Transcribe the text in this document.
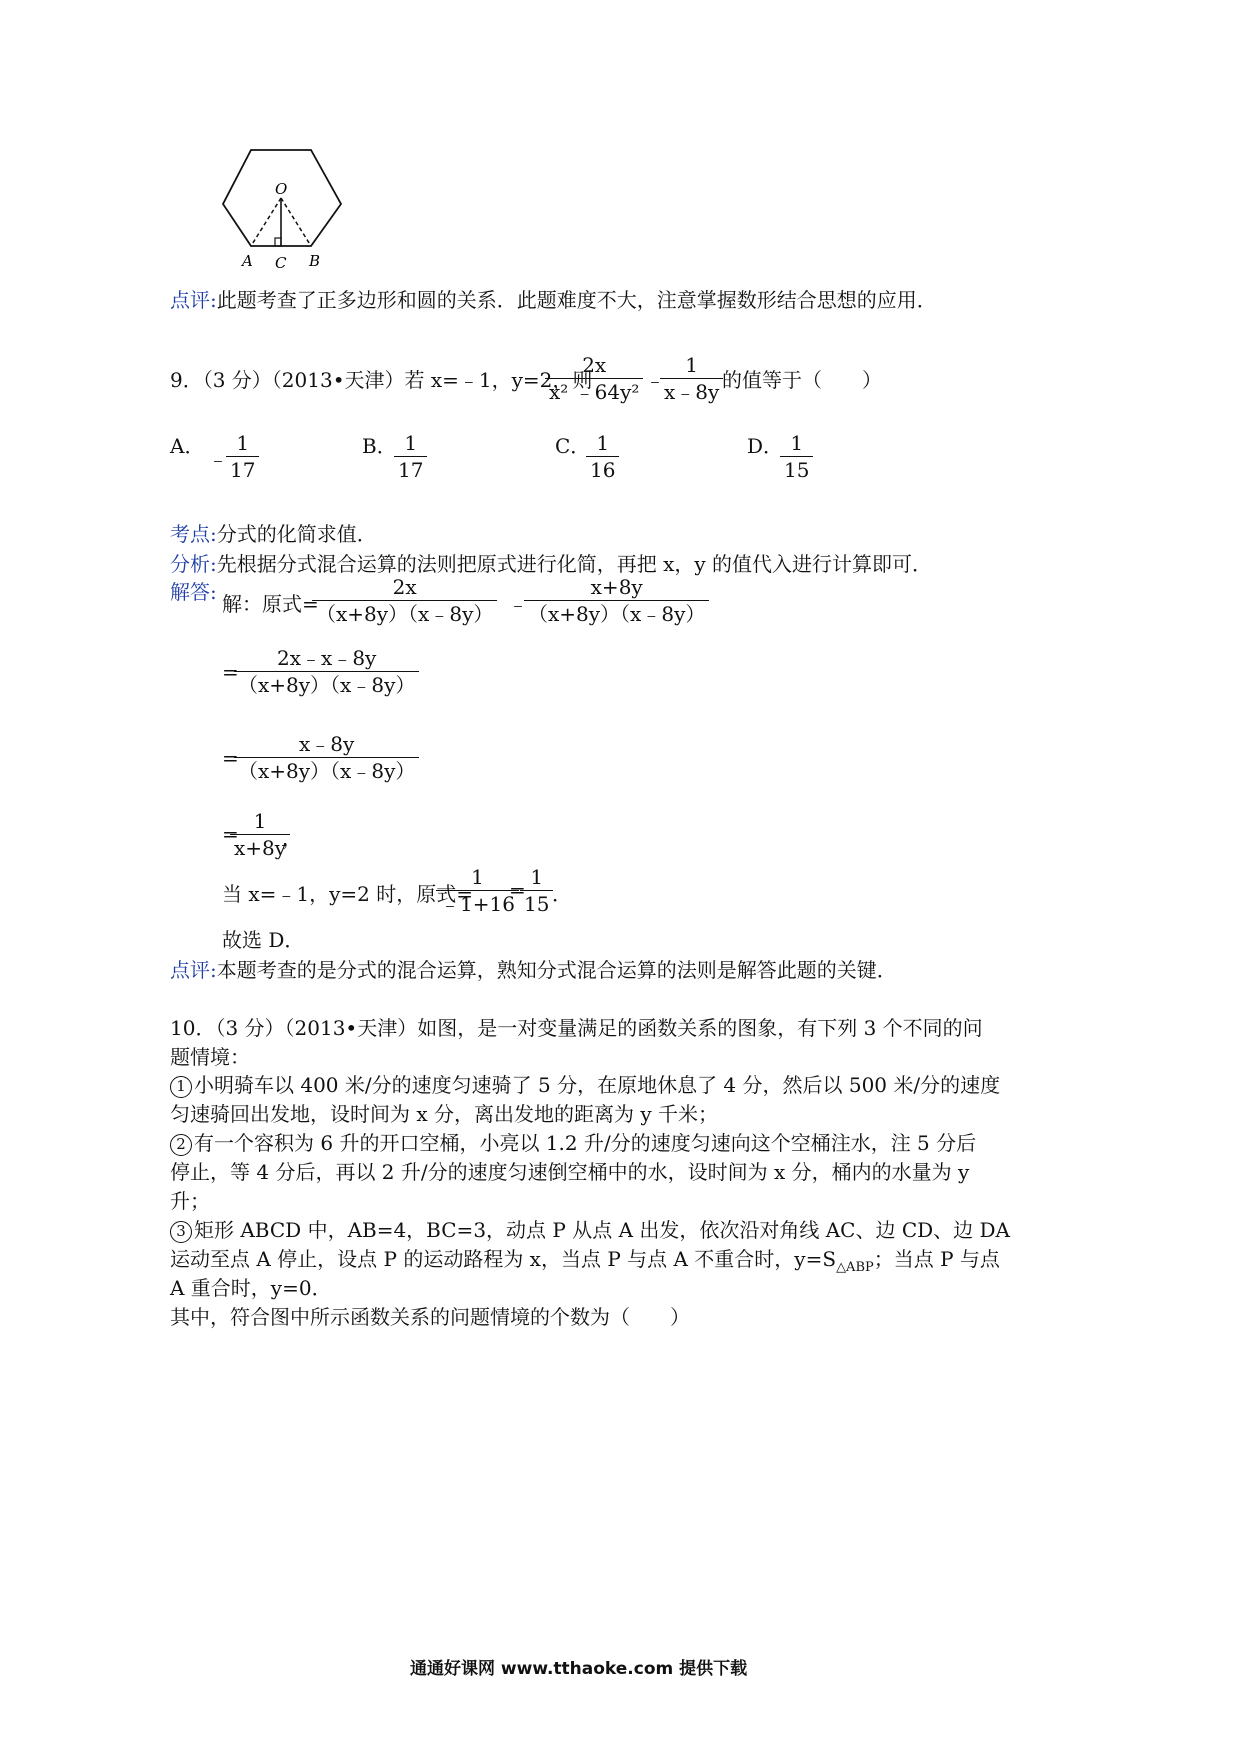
O
A C B
点评:此题考查了正多边形和圆的关系．此题难度不大，注意掌握数形结合思想的应用．
9．（3 分）（2013•天津）若 x=﹣1，y=2，则
$\frac{2x}{\text{x² ﹣64y²}}$ ﹣
$\frac{1}{x﹣8y}$
的值等于（　　）
A．
﹣
$\frac{1}{17}$	B．
$\frac{1}{17}$	C．
$\frac{1}{16}$	D．
$\frac{1}{15}$
考点:分式的化简求值．
分析:先根据分式混合运算的法则把原式进行化简，再把 x，y 的值代入进行计算即可．
解答: 解：原式=
$\frac{2x}{(x+8y)(x﹣8y)}$ ﹣
$\frac{x+8y}{(x+8y)(x﹣8y)}$
=
$\frac{2x﹣x﹣8y}{(x+8y)(x﹣8y)}$
=
$\frac{x﹣8y}{(x+8y)(x﹣8y)}$
=
$\frac{1}{x+8y}$
，
当 x=﹣1，y=2 时，原式=
$\frac{1}{﹣1+16}$
=
$\frac{1}{15}$
．
故选 D．
点评:本题考查的是分式的混合运算，熟知分式混合运算的法则是解答此题的关键．
10．（3 分）（2013•天津）如图，是一对变量满足的函数关系的图象，有下列 3 个不同的问
题情境：
1 小明骑车以 400 米/分的速度匀速骑了 5 分，在原地休息了 4 分，然后以 500 米/分的速度
匀速骑回出发地，设时间为 x 分，离出发地的距离为 y 千米；
2 有一个容积为 6 升的开口空桶，小亮以 1.2 升/分的速度匀速向这个空桶注水，注 5 分后
停止，等 4 分后，再以 2 升/分的速度匀速倒空桶中的水，设时间为 x 分，桶内的水量为 y
升；
3 矩形 ABCD 中，AB=4，BC=3，动点 P 从点 A 出发，依次沿对角线 AC、边 CD、边 DA
运动至点 A 停止，设点 P 的运动路程为 x，当点 P 与点 A 不重合时，$y=S_{\triangle ABP}$；当点 P 与点
A 重合时，y=0．
其中，符合图中所示函数关系的问题情境的个数为（　　）
通通好课网 www.tthaoke.com 提供下载
